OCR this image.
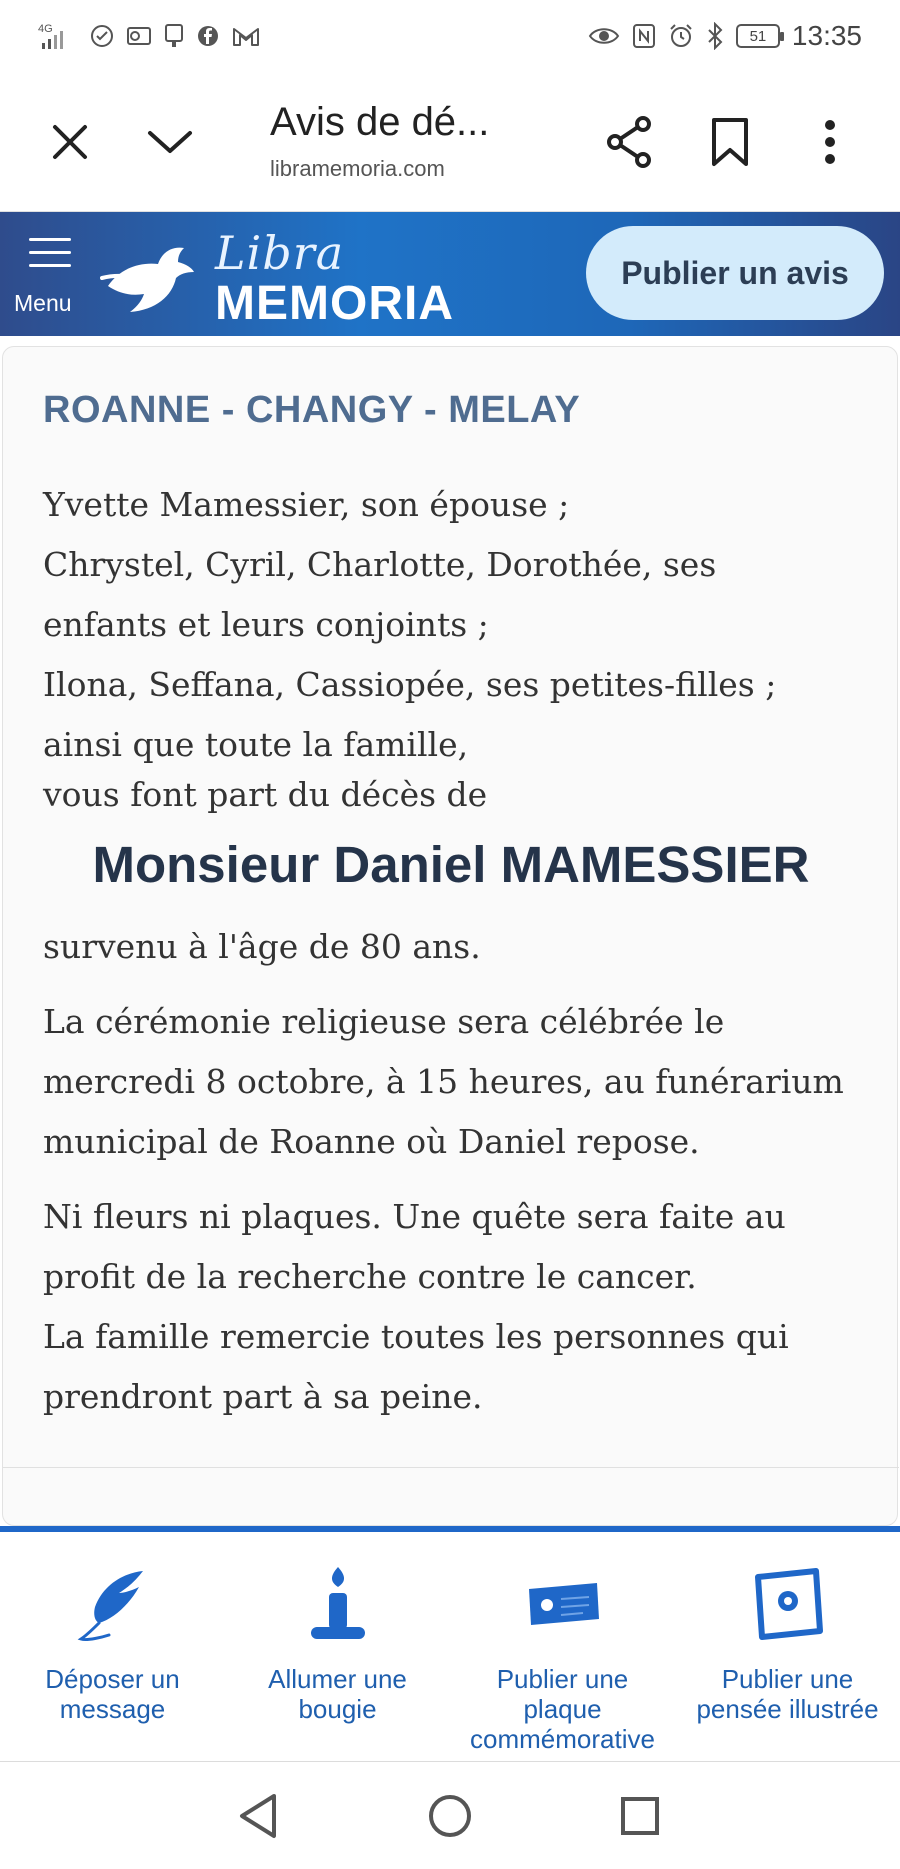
4G	51 13:35
Avis de dé...
libramemoria.com
Menu
Libra
MEMORIA
Publier un avis
ROANNE - CHANGY - MELAY
Yvette Mamessier, son épouse ;
Chrystel, Cyril, Charlotte, Dorothée, ses
enfants et leurs conjoints ;
Ilona, Seffana, Cassiopée, ses petites-filles ;
ainsi que toute la famille,
vous font part du décès de
Monsieur Daniel MAMESSIER
survenu à l'âge de 80 ans.
La cérémonie religieuse sera célébrée le
mercredi 8 octobre, à 15 heures, au funérarium
municipal de Roanne où Daniel repose.
Ni fleurs ni plaques. Une quête sera faite au
profit de la recherche contre le cancer.
La famille remercie toutes les personnes qui
prendront part à sa peine.
Déposer un
message
Allumer une
bougie
Publier une
plaque
commémorative
Publier une
pensée illustrée
